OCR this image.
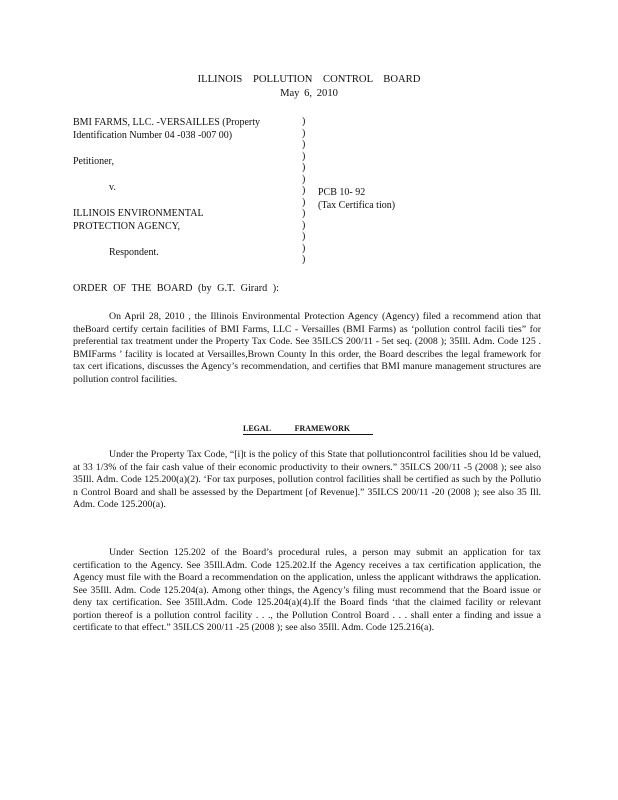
ILLINOIS POLLUTION CONTROL BOARD
May 6, 2010
BMI FARMS, LLC. -VERSAILLES (Property
Identification Number 04 -038 -007 00)
Petitioner,
v.
ILLINOIS ENVIRONMENTAL
PROTECTION AGENCY,
Respondent.
)
)
)
)
)
)
)
)
)
)
)
)
)
PCB 10- 92
(Tax Certifica tion)
ORDER OF THE BOARD (by G.T. Girard ):
On April 28, 2010 , the Illinois Environmental Protection Agency (Agency) filed a recommend ation that theBoard certify certain facilities of BMI Farms, LLC - Versailles (BMI Farms) as ‘pollution control facili ties” for preferential tax treatment under the Property Tax Code. See 35ILCS 200/11 - 5et seq. (2008 ); 35Ill. Adm. Code 125 . BMIFarms ’ facility is located at Versailles,Brown County In this order, the Board describes the legal framework for tax cert ifications, discusses the Agency’s recommendation, and certifies that BMI manure management structures are pollution control facilities.
LEGAL FRAMEWORK
Under the Property Tax Code, “[i]t is the policy of this State that pollutioncontrol facilities shou ld be valued, at 33 1/3% of the fair cash value of their economic productivity to their owners.” 35ILCS 200/11 -5 (2008 ); see also 35Ill. Adm. Code 125.200(a)(2). ‘For tax purposes, pollution control facilities shall be certified as such by the Pollutio n Control Board and shall be assessed by the Department [of Revenue].” 35ILCS 200/11 -20 (2008 ); see also 35 Ill. Adm. Code 125.200(a).
Under Section 125.202 of the Board’s procedural rules, a person may submit an application for tax certification to the Agency. See 35Ill.Adm. Code 125.202.If the Agency receives a tax certification application, the Agency must file with the Board a recommendation on the application, unless the applicant withdraws the application. See 35Ill. Adm. Code 125.204(a). Among other things, the Agency’s filing must recommend that the Board issue or deny tax certification. See 35Ill.Adm. Code 125.204(a)(4).If the Board finds ‘that the claimed facility or relevant portion thereof is a pollution control facility . . ., the Pollution Control Board . . . shall enter a finding and issue a certificate to that effect.” 35ILCS 200/11 -25 (2008 ); see also 35Ill. Adm. Code 125.216(a).
